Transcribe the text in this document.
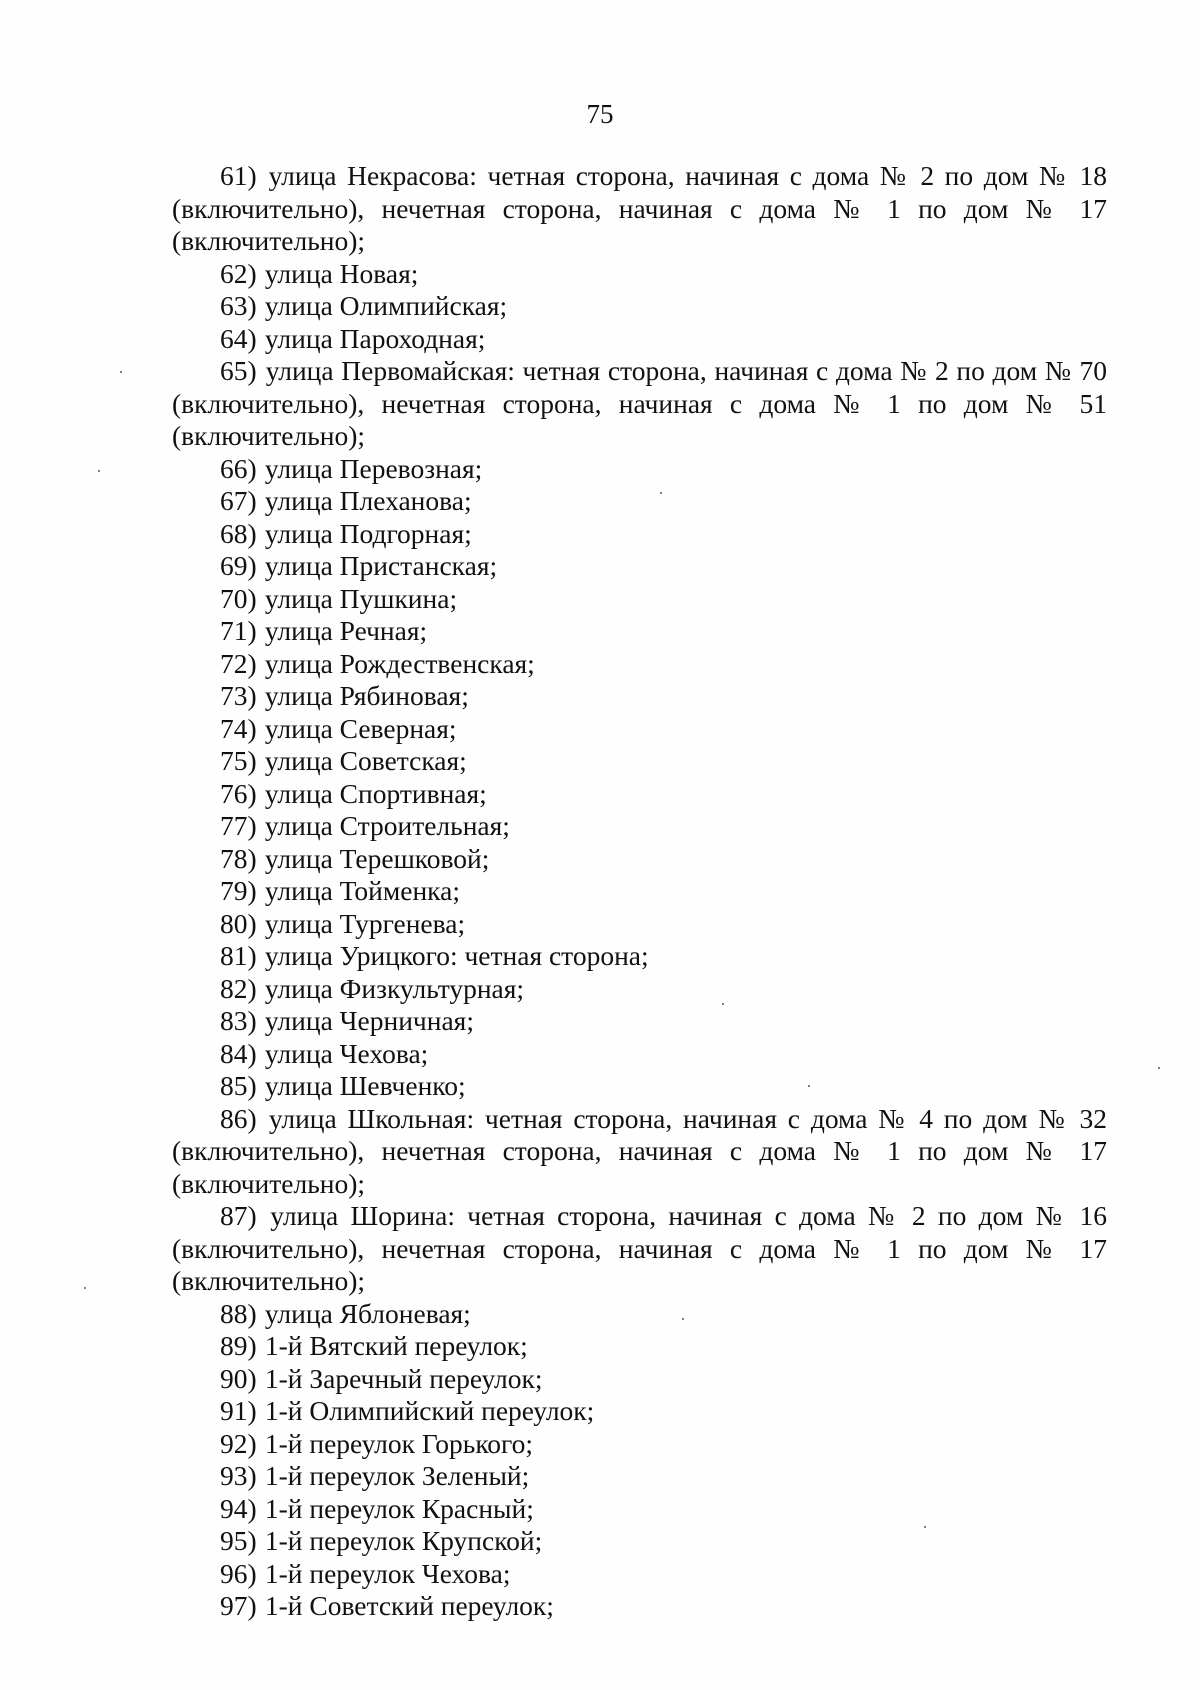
75

61) улица Некрасова: четная сторона, начиная с дома № 2 по дом № 18 (включительно), нечетная сторона, начиная с дома № 1 по дом № 17 (включительно);

62) улица Новая;

63) улица Олимпийская;

64) улица Пароходная;

65) улица Первомайская: четная сторона, начиная с дома № 2 по дом № 70 (включительно), нечетная сторона, начиная с дома № 1 по дом № 51 (включительно);

66) улица Перевозная;

67) улица Плеханова;

68) улица Подгорная;

69) улица Пристанская;

70) улица Пушкина;

71) улица Речная;

72) улица Рождественская;

73) улица Рябиновая;

74) улица Северная;

75) улица Советская;

76) улица Спортивная;

77) улица Строительная;

78) улица Терешковой;

79) улица Тойменка;

80) улица Тургенева;

81) улица Урицкого: четная сторона;

82) улица Физкультурная;

83) улица Черничная;

84) улица Чехова;

85) улица Шевченко;

86) улица Школьная: четная сторона, начиная с дома № 4 по дом № 32 (включительно), нечетная сторона, начиная с дома № 1 по дом № 17 (включительно);

87) улица Шорина: четная сторона, начиная с дома № 2 по дом № 16 (включительно), нечетная сторона, начиная с дома № 1 по дом № 17 (включительно);

88) улица Яблоневая;

89) 1-й Вятский переулок;

90) 1-й Заречный переулок;

91) 1-й Олимпийский переулок;

92) 1-й переулок Горького;

93) 1-й переулок Зеленый;

94) 1-й переулок Красный;

95) 1-й переулок Крупской;

96) 1-й переулок Чехова;

97) 1-й Советский переулок;
